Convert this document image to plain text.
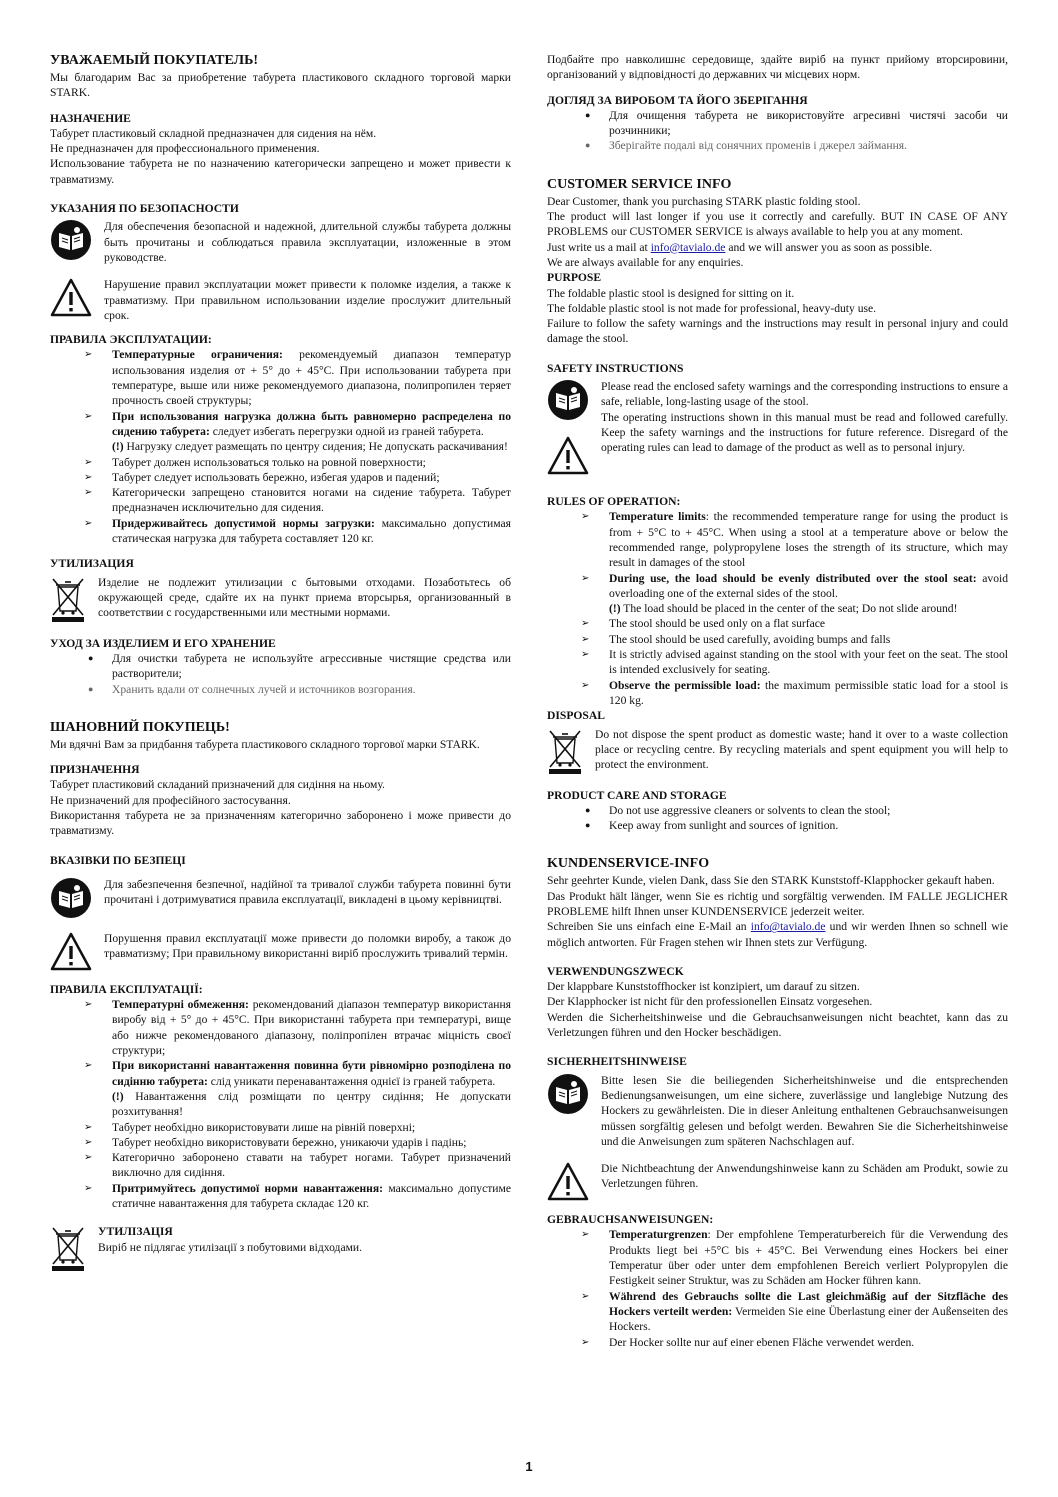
УВАЖАЕМЫЙ ПОКУПАТЕЛЬ!

Мы благодарим Вас за приобретение табурета пластикового складного торговой марки STARK.

НАЗНАЧЕНИЕ

Табурет пластиковый складной предназначен для сидения на нём.

Не предназначен для профессионального применения.

Использование табурета не по назначению категорически запрещено и может привести к травматизму.

УКАЗАНИЯ ПО БЕЗОПАСНОСТИ
Для обеспечения безопасной и надежной, длительной службы табурета должны быть прочитаны и соблюдаться правила эксплуатации, изложенные в этом руководстве.
Нарушение правил эксплуатации может привести к поломке изделия, а также к травматизму. При правильном использовании изделие прослужит длительный срок.
ПРАВИЛА ЭКСПЛУАТАЦИИ:
➢ Температурные ограничения: рекомендуемый диапазон температур использования изделия от + 5° до + 45°С. При использовании табурета при температуре, выше или ниже рекомендуемого диапазона, полипропилен теряет прочность своей структуры;
➢ При использования нагрузка должна быть равномерно распределена по сидению табурета: следует избегать перегрузки одной из граней табурета.
(!) Нагрузку следует размещать по центру сидения; Не допускать раскачивания!
➢ Табурет должен использоваться только на ровной поверхности;
➢ Табурет следует использовать бережно, избегая ударов и падений;
➢ Категорически запрещено становится ногами на сидение табурета. Табурет предназначен исключительно для сидения.
➢ Придерживайтесь допустимой нормы загрузки: максимально допустимая статическая нагрузка для табурета составляет 120 кг.
УТИЛИЗАЦИЯ
Изделие не подлежит утилизации с бытовыми отходами. Позаботьтесь об окружающей среде, сдайте их на пункт приема вторсырья, организованный в соответствии с государственными или местными нормами.
УХОД ЗА ИЗДЕЛИЕМ И ЕГО ХРАНЕНИЕ
● Для очистки табурета не используйте агрессивные чистящие средства или растворители;
● Хранить вдали от солнечных лучей и источников возгорания.
ШАНОВНИЙ ПОКУПЕЦЬ!

Ми вдячні Вам за придбання табурета пластикового складного торгової марки STARK.

ПРИЗНАЧЕННЯ

Табурет пластиковий складаний призначений для сидіння на ньому.

Не призначений для професійного застосування.

Використання табурета не за призначенням категорично заборонено і може привести до травматизму.

ВКАЗІВКИ ПО БЕЗПЕЦІ
Для забезпечення безпечної, надійної та тривалої служби табурета повинні бути прочитані і дотримуватися правила експлуатації, викладені в цьому керівництві.
Порушення правил експлуатації може привести до поломки виробу, а також до травматизму; При правильному використанні виріб прослужить тривалий термін.
ПРАВИЛА ЕКСПЛУАТАЦІЇ:
➢ Температурні обмеження: рекомендований діапазон температур використання виробу від + 5° до + 45°С. При використанні табурета при температурі, вище або нижче рекомендованого діапазону, поліпропілен втрачає міцність своєї структури;
➢ При використанні навантаження повинна бути рівномірно розподілена по сидінню табурета: слід уникати перенавантаження однієї із граней табурета.
(!) Навантаження слід розміщати по центру сидіння; Не допускати розхитування!
➢ Табурет необхідно використовувати лише на рівній поверхні;
➢ Табурет необхідно використовувати бережно, уникаючи ударів і падінь;
➢ Категорично заборонено ставати на табурет ногами. Табурет призначений виключно для сидіння.
➢ Притримуйтесь допустимої норми навантаження: максимально допустиме статичне навантаження для табурета складає 120 кг.
УТИЛІЗАЦІЯ
Виріб не підлягає утилізації з побутовими відходами.

Подбайте про навколишнє середовище, здайте виріб на пункт прийому вторсировини, організований у відповідності до державних чи місцевих норм.

ДОГЛЯД ЗА ВИРОБОМ ТА ЙОГО ЗБЕРІГАННЯ
● Для очищення табурета не використовуйте агресивні чистячі засоби чи розчинники;
● Зберігайте подалі від сонячних променів і джерел займання.
CUSTOMER SERVICE INFO

Dear Customer, thank you purchasing STARK plastic folding stool.

The product will last longer if you use it correctly and carefully. BUT IN CASE OF ANY PROBLEMS our CUSTOMER SERVICE is always available to help you at any moment.

Just write us a mail at info@tavialo.de and we will answer you as soon as possible.

We are always available for any enquiries.

PURPOSE

The foldable plastic stool is designed for sitting on it.

The foldable plastic stool is not made for professional, heavy-duty use.

Failure to follow the safety warnings and the instructions may result in personal injury and could damage the stool.

SAFETY INSTRUCTIONS
Please read the enclosed safety warnings and the corresponding instructions to ensure a safe, reliable, long-lasting usage of the stool.
The operating instructions shown in this manual must be read and followed carefully. Keep the safety warnings and the instructions for future reference. Disregard of the operating rules can lead to damage of the product as well as to personal injury.
RULES OF OPERATION:
➢ Temperature limits: the recommended temperature range for using the product is from + 5°C to + 45°C. When using a stool at a temperature above or below the recommended range, polypropylene loses the strength of its structure, which may result in damages of the stool
➢ During use, the load should be evenly distributed over the stool seat: avoid overloading one of the external sides of the stool.
(!) The load should be placed in the center of the seat; Do not slide around!
➢ The stool should be used only on a flat surface
➢ The stool should be used carefully, avoiding bumps and falls
➢ It is strictly advised against standing on the stool with your feet on the seat. The stool is intended exclusively for seating.
➢ Observe the permissible load: the maximum permissible static load for a stool is 120 kg.
DISPOSAL
Do not dispose the spent product as domestic waste; hand it over to a waste collection place or recycling centre. By recycling materials and spent equipment you will help to protect the environment.
PRODUCT CARE AND STORAGE
● Do not use aggressive cleaners or solvents to clean the stool;
● Keep away from sunlight and sources of ignition.
KUNDENSERVICE-INFO

Sehr geehrter Kunde, vielen Dank, dass Sie den STARK Kunststoff-Klapphocker gekauft haben.

Das Produkt hält länger, wenn Sie es richtig und sorgfältig verwenden. IM FALLE JEGLICHER PROBLEME hilft Ihnen unser KUNDENSERVICE jederzeit weiter.

Schreiben Sie uns einfach eine E-Mail an info@tavialo.de und wir werden Ihnen so schnell wie möglich antworten. Für Fragen stehen wir Ihnen stets zur Verfügung.

VERWENDUNGSZWECK

Der klappbare Kunststoffhocker ist konzipiert, um darauf zu sitzen.

Der Klapphocker ist nicht für den professionellen Einsatz vorgesehen.

Werden die Sicherheitshinweise und die Gebrauchsanweisungen nicht beachtet, kann das zu Verletzungen führen und den Hocker beschädigen.

SICHERHEITSHINWEISE
Bitte lesen Sie die beiliegenden Sicherheitshinweise und die entsprechenden Bedienungsanweisungen, um eine sichere, zuverlässige und langlebige Nutzung des Hockers zu gewährleisten. Die in dieser Anleitung enthaltenen Gebrauchsanweisungen müssen sorgfältig gelesen und befolgt werden. Bewahren Sie die Sicherheitshinweise und die Anweisungen zum späteren Nachschlagen auf.
Die Nichtbeachtung der Anwendungshinweise kann zu Schäden am Produkt, sowie zu Verletzungen führen.
GEBRAUCHSANWEISUNGEN:
➢ Temperaturgrenzen: Der empfohlene Temperaturbereich für die Verwendung des Produkts liegt bei +5°C bis + 45°C. Bei Verwendung eines Hockers bei einer Temperatur über oder unter dem empfohlenen Bereich verliert Polypropylen die Festigkeit seiner Struktur, was zu Schäden am Hocker führen kann.
➢ Während des Gebrauchs sollte die Last gleichmäßig auf der Sitzfläche des Hockers verteilt werden: Vermeiden Sie eine Überlastung einer der Außenseiten des Hockers.
➢ Der Hocker sollte nur auf einer ebenen Fläche verwendet werden.
1
